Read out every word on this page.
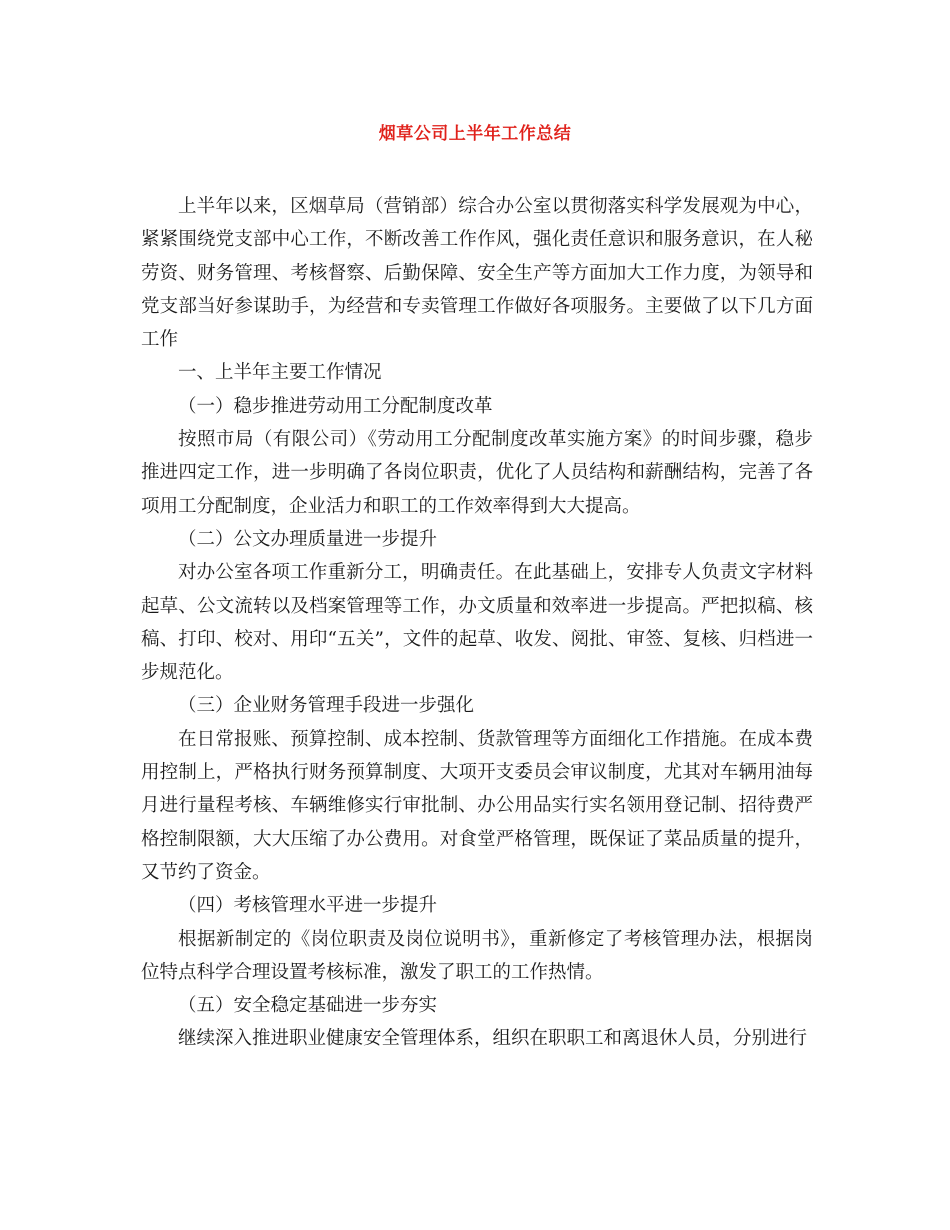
烟草公司上半年工作总结

上半年以来，区烟草局（营销部）综合办公室以贯彻落实科学发展观为中心，紧紧围绕党支部中心工作，不断改善工作作风，强化责任意识和服务意识，在人秘劳资、财务管理、考核督察、后勤保障、安全生产等方面加大工作力度，为领导和党支部当好参谋助手，为经营和专卖管理工作做好各项服务。主要做了以下几方面工作

一、上半年主要工作情况

（一）稳步推进劳动用工分配制度改革

按照市局（有限公司）《劳动用工分配制度改革实施方案》的时间步骤，稳步推进四定工作，进一步明确了各岗位职责，优化了人员结构和薪酬结构，完善了各项用工分配制度，企业活力和职工的工作效率得到大大提高。

（二）公文办理质量进一步提升

对办公室各项工作重新分工，明确责任。在此基础上，安排专人负责文字材料起草、公文流转以及档案管理等工作，办文质量和效率进一步提高。严把拟稿、核稿、打印、校对、用印“五关”，文件的起草、收发、阅批、审签、复核、归档进一步规范化。

（三）企业财务管理手段进一步强化

在日常报账、预算控制、成本控制、货款管理等方面细化工作措施。在成本费用控制上，严格执行财务预算制度、大项开支委员会审议制度，尤其对车辆用油每月进行量程考核、车辆维修实行审批制、办公用品实行实名领用登记制、招待费严格控制限额，大大压缩了办公费用。对食堂严格管理，既保证了菜品质量的提升，又节约了资金。

（四）考核管理水平进一步提升

根据新制定的《岗位职责及岗位说明书》，重新修定了考核管理办法，根据岗位特点科学合理设置考核标准，激发了职工的工作热情。

（五）安全稳定基础进一步夯实

继续深入推进职业健康安全管理体系，组织在职职工和离退休人员，分别进行
